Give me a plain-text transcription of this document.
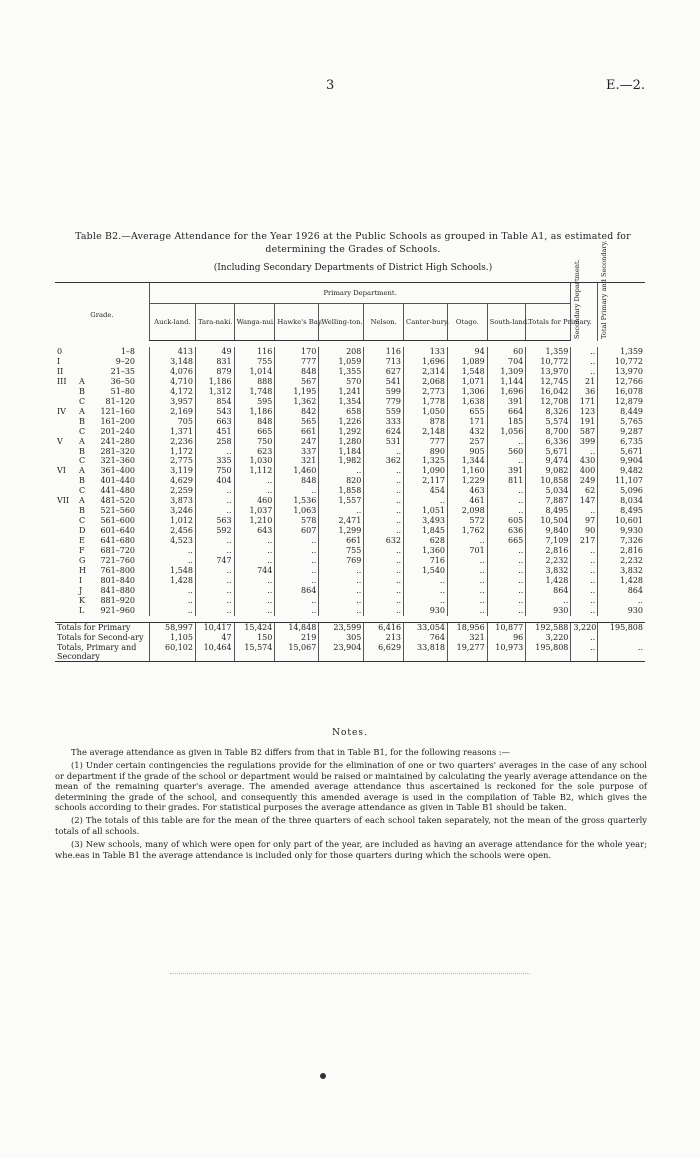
3	E.—2.
Table B2.—Average Attendance for the Year 1926 at the Public Schools as grouped in Table A1, as estimated for determining the Grades of Schools.
(Including Secondary Departments of District High Schools.)
Grade.	Primary Department.										Secondary Department.	Total Primary and Secondary.

	Auck-land.	Tara-naki.	Wanga-nui.	Hawke's Bay.	Welling-ton.	Nelson.	Canter-bury.	Otago.	South-land.	Totals for Primary.		

0 1–8	413	49	116	170	208	116	133	94	60	1,359	..	1,359
I 9–20	3,148	831	755	777	1,059	713	1,696	1,089	704	10,772	..	10,772
II 21–35	4,076	879	1,014	848	1,355	627	2,314	1,548	1,309	13,970	..	13,970
III A 36–50	4,710	1,186	888	567	570	541	2,068	1,071	1,144	12,745	21	12,766
B 51–80	4,172	1,312	1,748	1,195	1,241	599	2,773	1,306	1,696	16,042	36	16,078
C 81–120	3,957	854	595	1,362	1,354	779	1,778	1,638	391	12,708	171	12,879
IV A 121–160	2,169	543	1,186	842	658	559	1,050	655	664	8,326	123	8,449
B 161–200	705	663	848	565	1,226	333	878	171	185	5,574	191	5,765
C 201–240	1,371	451	665	661	1,292	624	2,148	432	1,056	8,700	587	9,287
V A 241–280	2,236	258	750	247	1,280	531	777	257	..	6,336	399	6,735
B 281–320	1,172	..	623	337	1,184	..	890	905	560	5,671	..	5,671
C 321–360	2,775	335	1,030	321	1,982	362	1,325	1,344	..	9,474	430	9,904
VI A 361–400	3,119	750	1,112	1,460	..	..	1,090	1,160	391	9,082	400	9,482
B 401–440	4,629	404	..	848	820	..	2,117	1,229	811	10,858	249	11,107
C 441–480	2,259	..	..	..	1,858	..	454	463	..	5,034	62	5,096
VII A 481–520	3,873	..	460	1,536	1,557	..	..	461	..	7,887	147	8,034
B 521–560	3,246	..	1,037	1,063	..	..	1,051	2,098	..	8,495	..	8,495
C 561–600	1,012	563	1,210	578	2,471	..	3,493	572	605	10,504	97	10,601
D 601–640	2,456	592	643	607	1,299	..	1,845	1,762	636	9,840	90	9,930
E 641–680	4,523	..	..	..	661	632	628	..	665	7,109	217	7,326
F 681–720	..	..	..	..	755	..	1,360	701	..	2,816	..	2,816
G 721–760	..	747	..	..	769	..	716	..	..	2,232	..	2,232
H 761–800	1,548	..	744	..	..	..	1,540	..	..	3,832	..	3,832
I 801–840	1,428	..	..	..	..	..	..	..	..	1,428	..	1,428
J 841–880	..	..	..	864	..	..	..	..	..	864	..	864
K 881–920	..	..	..	..	..	..	..	..	..	..	..	..
L 921–960	..	..	..	..	..	..	930	..	..	930	..	930

Totals for Primary	58,997	10,417	15,424	14,848	23,599	6,416	33,054	18,956	10,877	192,588	3,220	195,808
Totals for Second-ary	1,105	47	150	219	305	213	764	321	96	3,220	..	
Totals, Primary and Secondary	60,102	10,464	15,574	15,067	23,904	6,629	33,818	19,277	10,973	195,808	..	..
Notes.

The average attendance as given in Table B2 differs from that in Table B1, for the following reasons :—

(1) Under certain contingencies the regulations provide for the elimination of one or two quarters' averages in the case of any school or department if the grade of the school or department would be raised or maintained by calculating the yearly average attendance on the mean of the remaining quarter's average. The amended average attendance thus ascertained is reckoned for the sole purpose of determining the grade of the school, and consequently this amended average is used in the compilation of Table B2, which gives the schools according to their grades. For statistical purposes the average attendance as given in Table B1 should be taken.

(2) The totals of this table are for the mean of the three quarters of each school taken separately, not the mean of the gross quarterly totals of all schools.

(3) New schools, many of which were open for only part of the year, are included as having an average attendance for the whole year; whe.eas in Table B1 the average attendance is included only for those quarters during which the schools were open.
